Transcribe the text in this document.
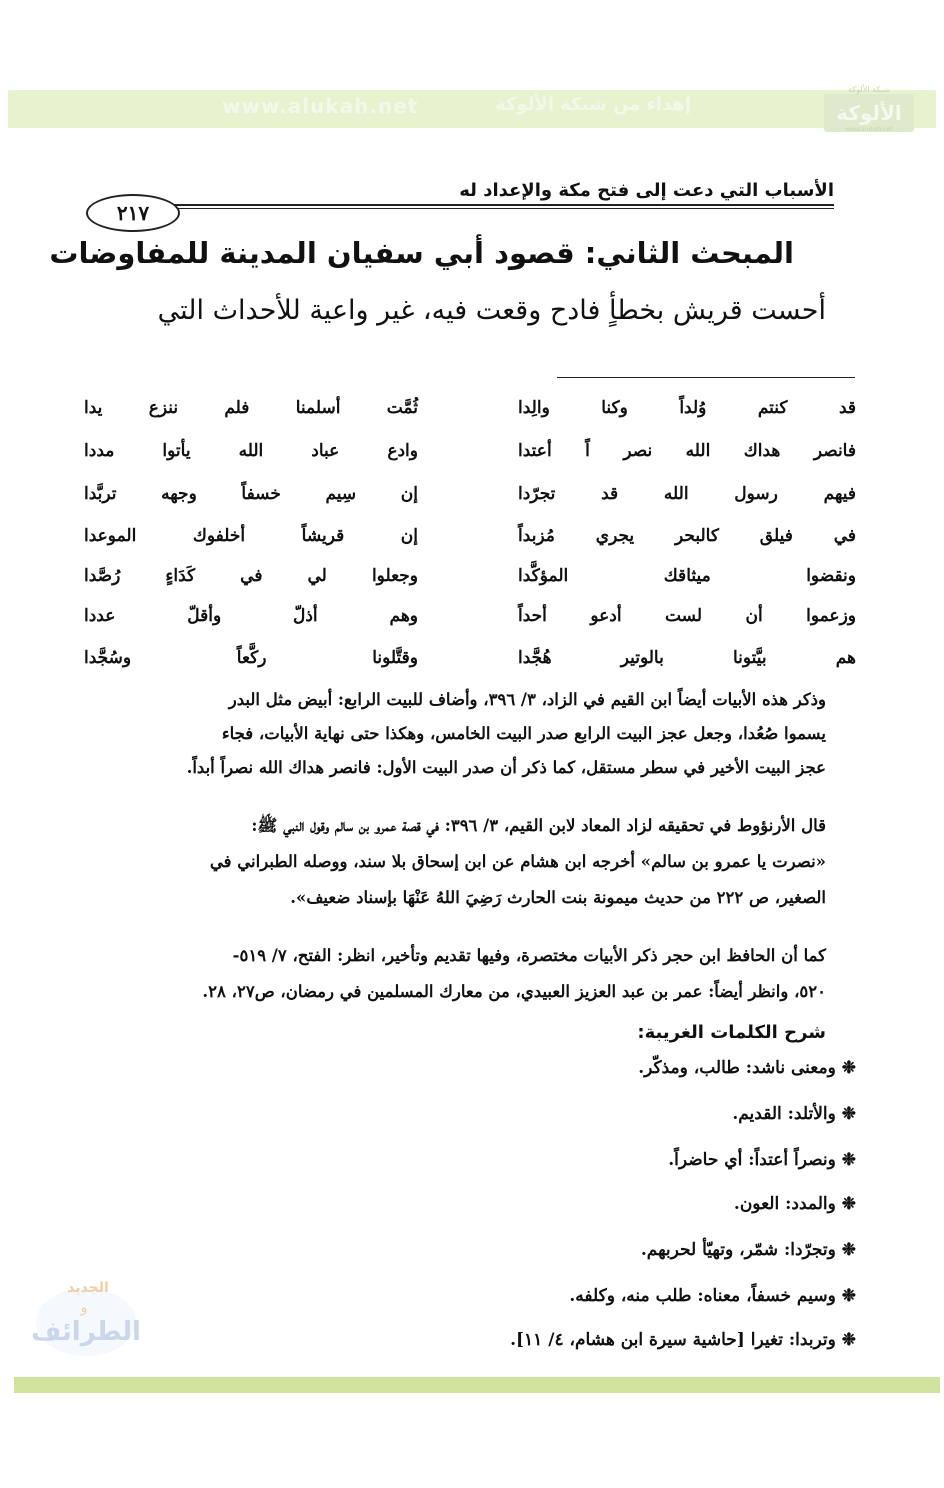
www.alukah.net	إهداء من شبكة الألوكة
شبكة الألوكة
الألوكة
www.alukah.net
الأسباب التي دعت إلى فتح مكة والإعداد له
٢١٧
المبحث الثاني: قصود أبي سفيان المدينة للمفاوضات
أحست قريش بخطأٍ فادح وقعت فيه، غير واعية للأحداث التي
قد
كنتم
وُلداً
وكنا
والِدا
ثُمَّت
أسلمنا
فلم
ننزع
يدا
فانصر
هداك
الله
نصر
اً
أعتدا
وادع
عباد
الله
يأتوا
مددا
فيهم
رسول
الله
قد
تجرّدا
إن
سِيم
خسفاً
وجهه
تربَّدا
في
فيلق
كالبحر
يجري
مُزبداً
إن
قريشاً
أخلفوك
الموعدا
ونقضوا
ميثاقك
المؤكَّدا
وجعلوا
لي
في
كَدَاءٍ
رُصَّدا
وزعموا
أن
لست
أدعو
أحداً
وهم
أذلّ
وأقلّ
عددا
هم
بيَّتونا
بالوتير
هُجَّدا
وقتَّلونا
ركَّعاً
وسُجَّدا
وذكر هذه الأبيات أيضاً ابن القيم في الزاد، ٣/ ٣٩٦، وأضاف للبيت الرابع: أبيض مثل البدر
يسموا صُعُدا، وجعل عجز البيت الرابع صدر البيت الخامس، وهكذا حتى نهاية الأبيات، فجاء
عجز البيت الأخير في سطر مستقل، كما ذكر أن صدر البيت الأول: فانصر هداك الله نصراً أبداً.
قال الأرنؤوط في تحقيقه لزاد المعاد لابن القيم، ٣/ ٣٩٦: في قصة عمرو بن سالم وقول النبي ﷺ:
«نصرت يا عمرو بن سالم» أخرجه ابن هشام عن ابن إسحاق بلا سند، ووصله الطبراني في
الصغير، ص ٢٢٢ من حديث ميمونة بنت الحارث رَضِيَ اللهُ عَنْهَا بإسناد ضعيف».
كما أن الحافظ ابن حجر ذكر الأبيات مختصرة، وفيها تقديم وتأخير، انظر: الفتح، ٧/ ٥١٩-
٥٢٠، وانظر أيضاً: عمر بن عبد العزيز العبيدي، من معارك المسلمين في رمضان، ص٢٧، ٢٨.
شرح الكلمات الغريبة:
❉ ومعنى ناشد: طالب، ومذكّر.
❉ والأتلد: القديم.
❉ ونصراً أعتداً: أي حاضراً.
❉ والمدد: العون.
❉ وتجرّدا: شمّر، وتهيّأ لحربهم.
❉ وسيم خسفاً، معناه: طلب منه، وكلفه.
❉ وتربدا: تغيرا [حاشية سيرة ابن هشام، ٤/ ١١].
الجديد
و
الطرائف
